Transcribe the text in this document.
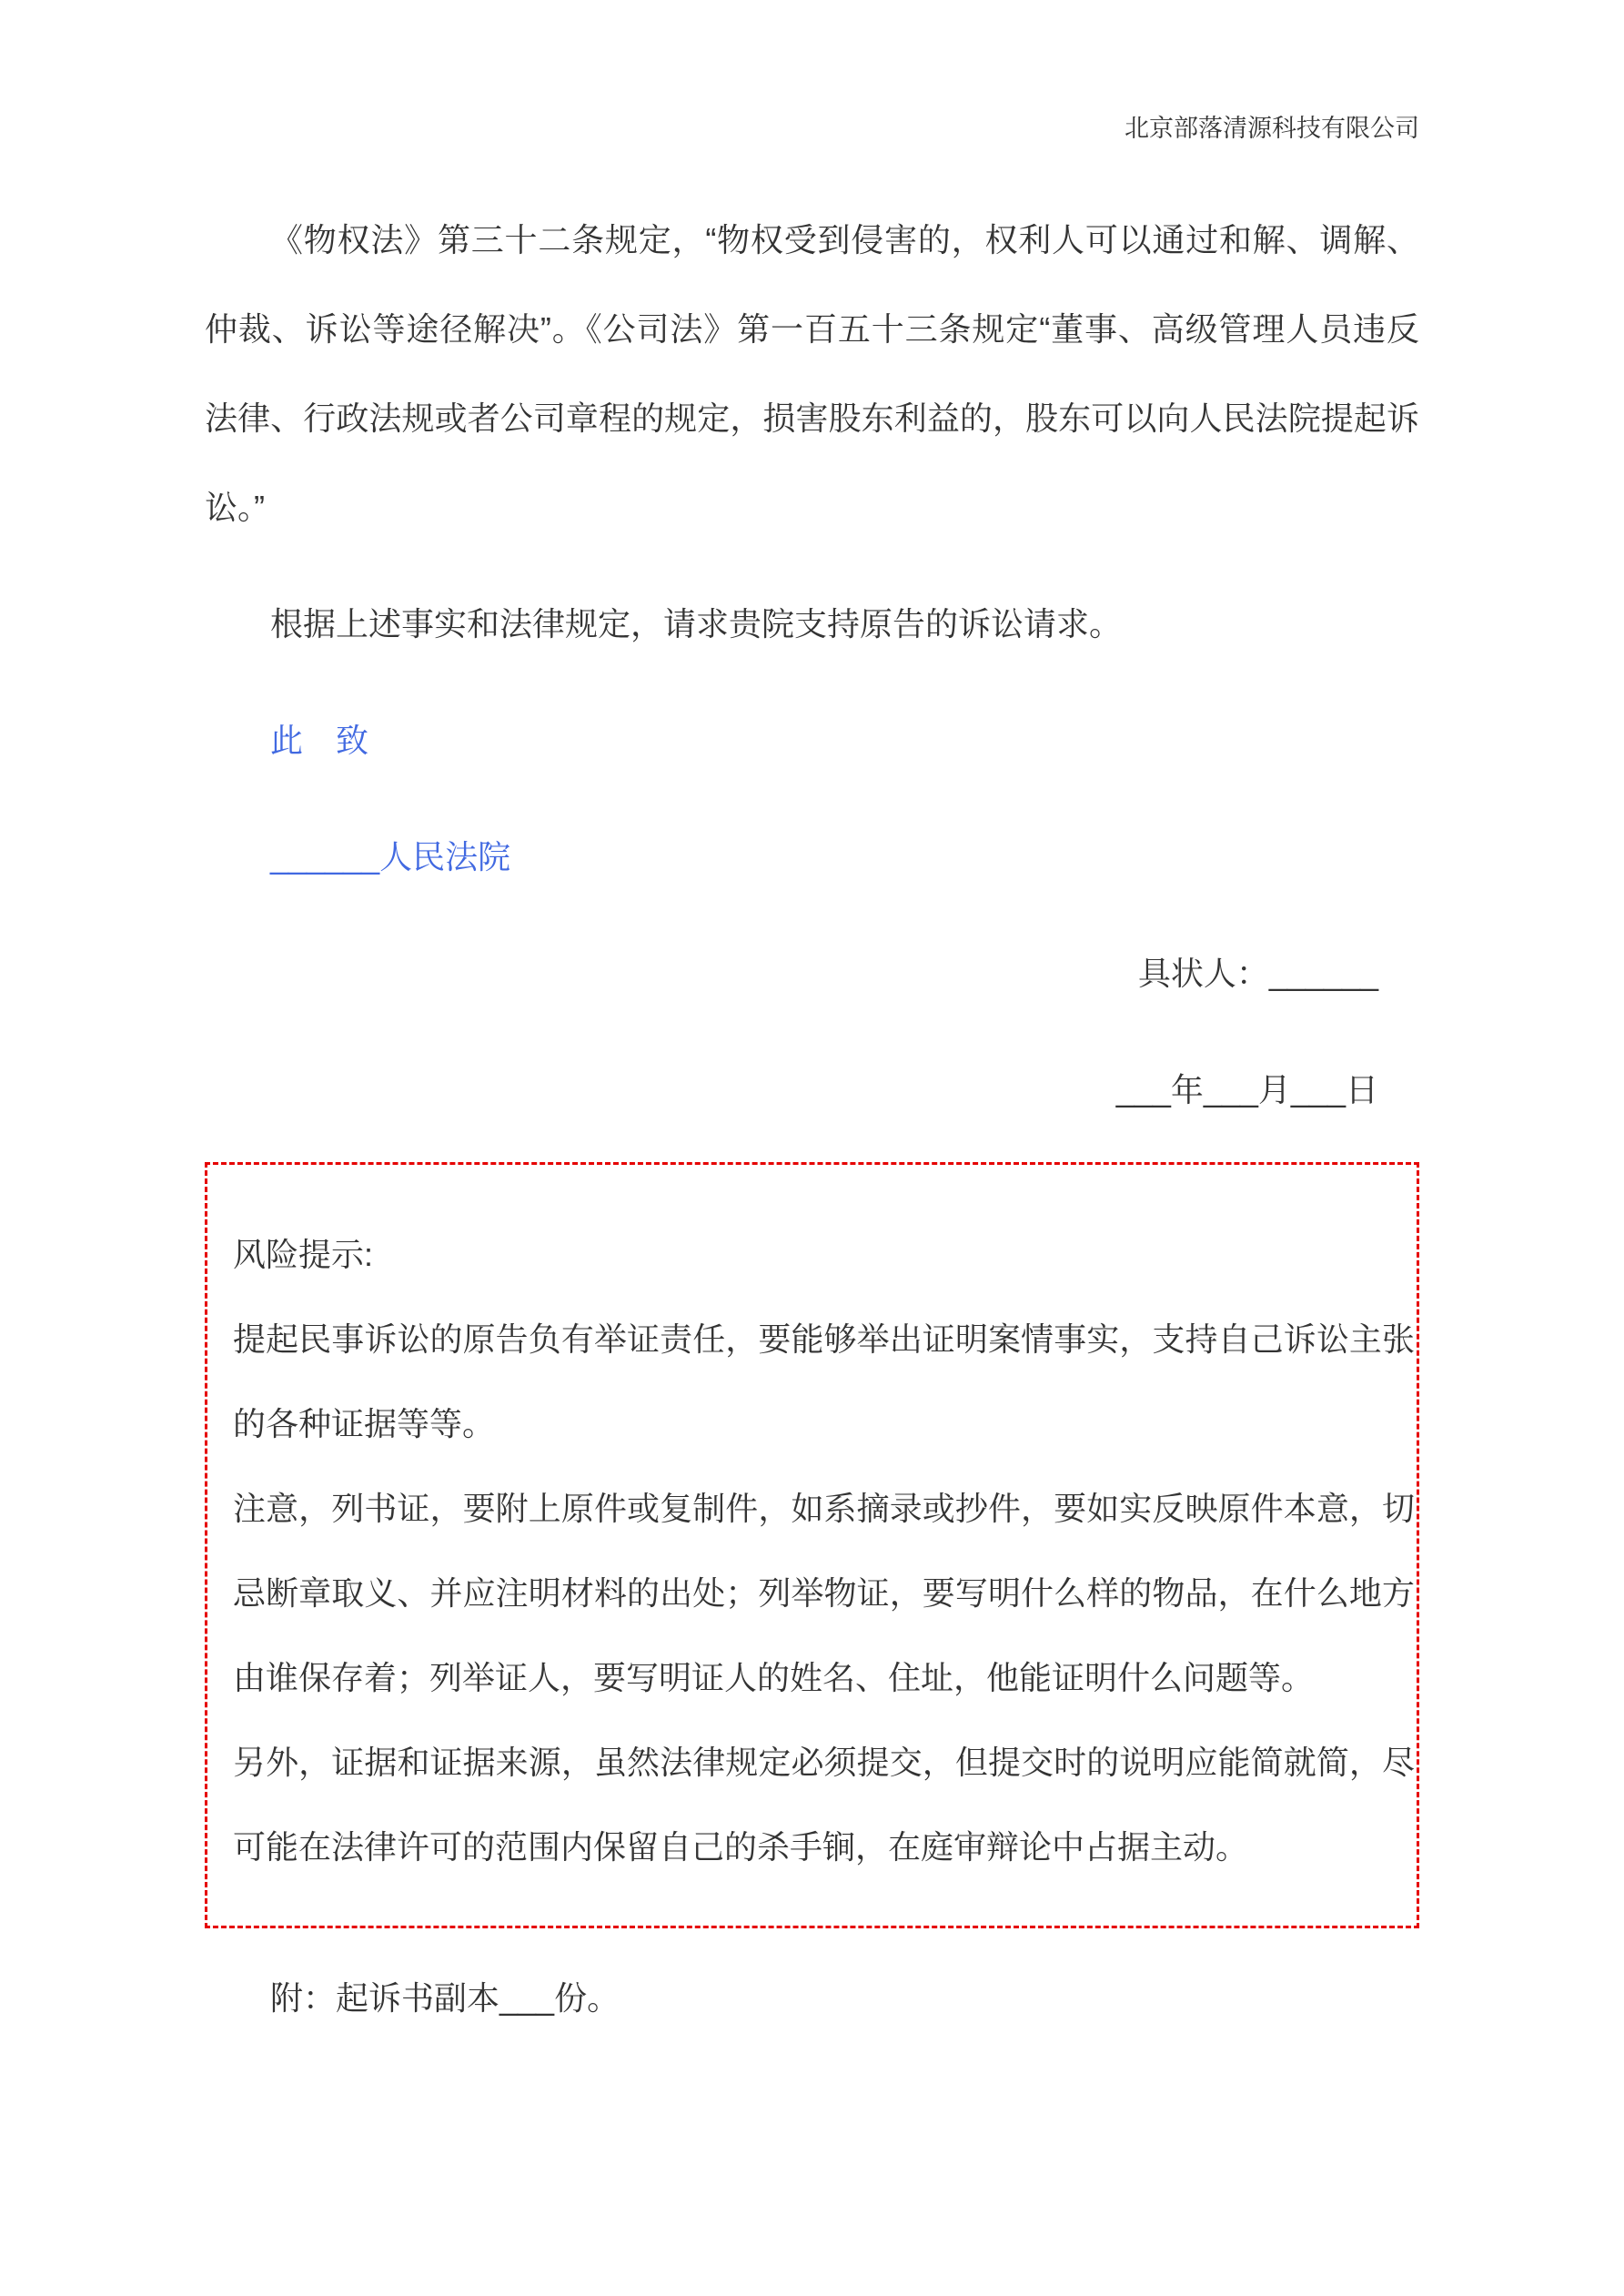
北京部落清源科技有限公司

《物权法》第三十二条规定，“物权受到侵害的，权利人可以通过和解、调解、仲裁、诉讼等途径解决”。《公司法》第一百五十三条规定“董事、高级管理人员违反法律、行政法规或者公司章程的规定，损害股东利益的，股东可以向人民法院提起诉讼。”

根据上述事实和法律规定，请求贵院支持原告的诉讼请求。

此　致

______人民法院

具状人：______

___年___月___日

风险提示:

提起民事诉讼的原告负有举证责任，要能够举出证明案情事实，支持自己诉讼主张的各种证据等等。

注意，列书证，要附上原件或复制件，如系摘录或抄件，要如实反映原件本意，切忌断章取义、并应注明材料的出处；列举物证，要写明什么样的物品，在什么地方由谁保存着；列举证人，要写明证人的姓名、住址，他能证明什么问题等。

另外，证据和证据来源，虽然法律规定必须提交，但提交时的说明应能简就简，尽可能在法律许可的范围内保留自己的杀手锏，在庭审辩论中占据主动。

附：起诉书副本___份。
